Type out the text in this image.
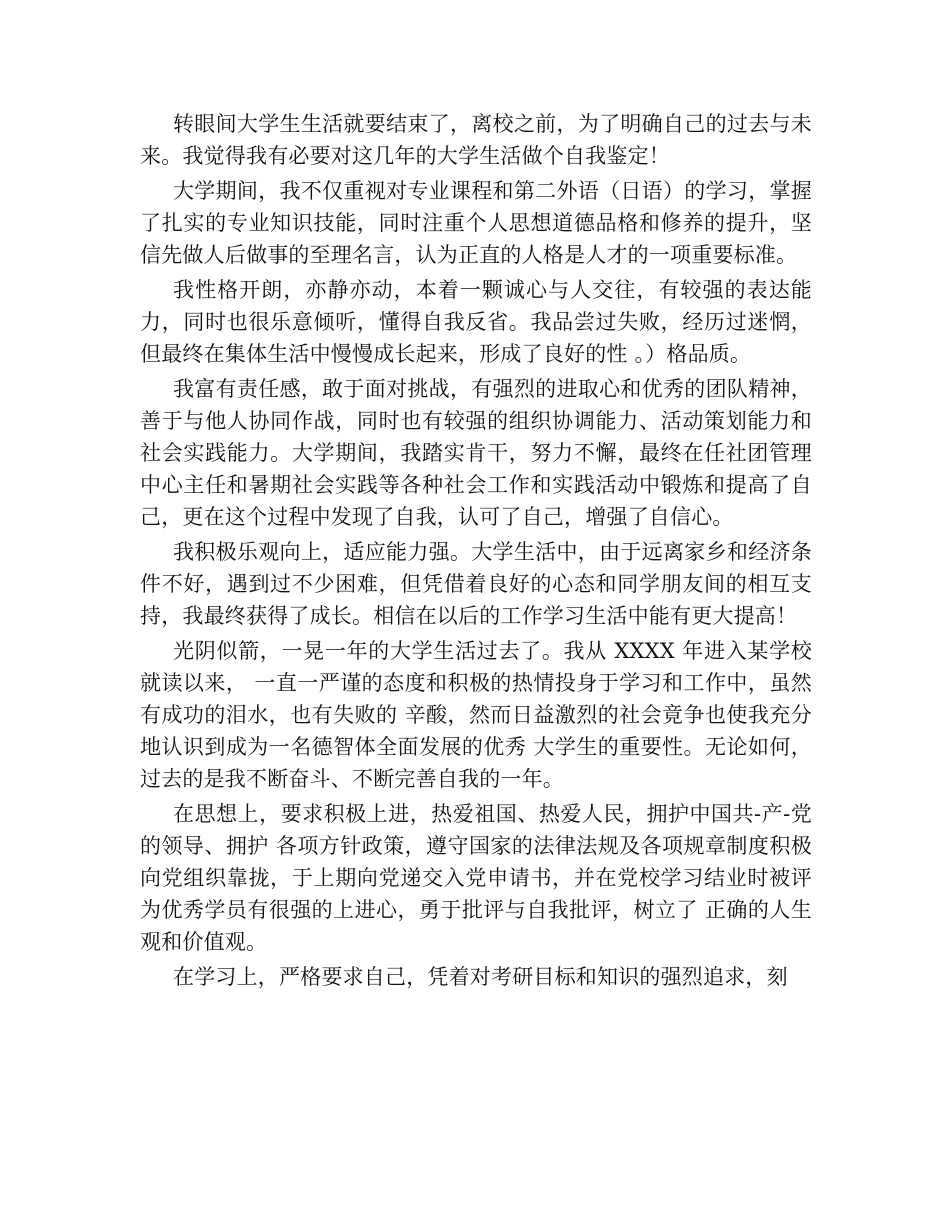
转眼间大学生生活就要结束了，离校之前，为了明确自己的过去与未来。我觉得我有必要对这几年的大学生活做个自我鉴定！

大学期间，我不仅重视对专业课程和第二外语（日语）的学习，掌握了扎实的专业知识技能，同时注重个人思想道德品格和修养的提升，坚信先做人后做事的至理名言，认为正直的人格是人才的一项重要标准。

我性格开朗，亦静亦动，本着一颗诚心与人交往，有较强的表达能力，同时也很乐意倾听，懂得自我反省。我品尝过失败，经历过迷惘，但最终在集体生活中慢慢成长起来，形成了良好的性 。）格品质。

我富有责任感，敢于面对挑战，有强烈的进取心和优秀的团队精神，善于与他人协同作战，同时也有较强的组织协调能力、活动策划能力和社会实践能力。大学期间，我踏实肯干，努力不懈，最终在任社团管理中心主任和暑期社会实践等各种社会工作和实践活动中锻炼和提高了自己，更在这个过程中发现了自我，认可了自己，增强了自信心。

我积极乐观向上，适应能力强。大学生活中，由于远离家乡和经济条件不好，遇到过不少困难，但凭借着良好的心态和同学朋友间的相互支持，我最终获得了成长。相信在以后的工作学习生活中能有更大提高！

光阴似箭，一晃一年的大学生活过去了。我从 XXXX 年进入某学校就读以来， 一直一严谨的态度和积极的热情投身于学习和工作中，虽然有成功的泪水，也有失败的 辛酸，然而日益激烈的社会竟争也使我充分地认识到成为一名德智体全面发展的优秀 大学生的重要性。无论如何，过去的是我不断奋斗、不断完善自我的一年。

在思想上，要求积极上进，热爱祖国、热爱人民，拥护中国共-产-党的领导、拥护 各项方针政策，遵守国家的法律法规及各项规章制度积极向党组织靠拢，于上期向党递交入党申请书，并在党校学习结业时被评为优秀学员有很强的上进心，勇于批评与自我批评，树立了 正确的人生观和价值观。

在学习上，严格要求自己，凭着对考研目标和知识的强烈追求，刻
